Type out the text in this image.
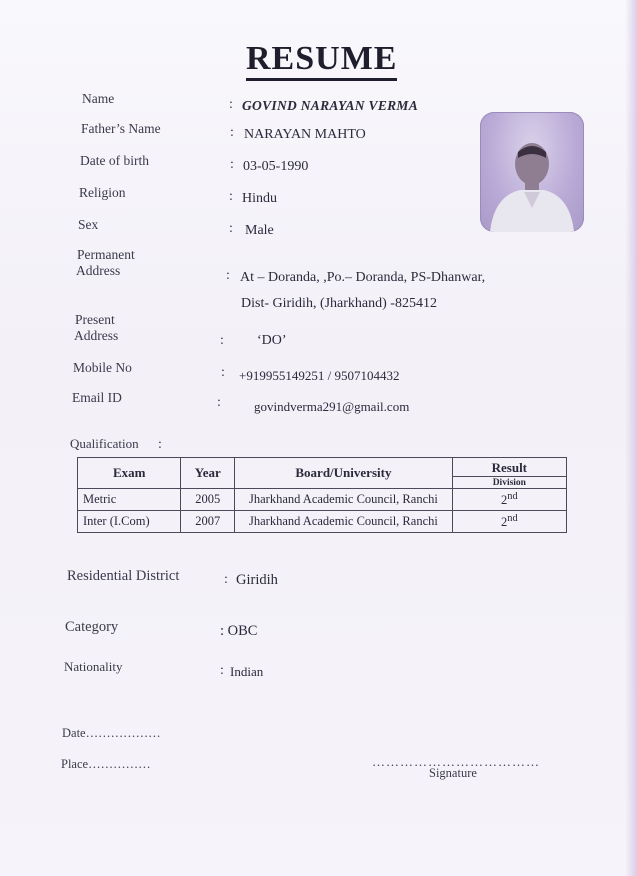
RESUME
Name	: GOVIND NARAYAN VERMA
Father’s Name	: NARAYAN MAHTO
Date of birth	: 03-05-1990
Religion	: Hindu
Sex	: Male
Permanent
Address	: At – Doranda, ,Po.– Doranda, PS-Dhanwar,
Dist- Giridih, (Jharkhand) -825412
Present
Address	: ‘DO’
Mobile No	: +919955149251 / 9507104432
Email ID	:	govindverma291@gmail.com
Qualification :
Exam	Year	Board/University	Result
Division

Metric	2005	Jharkhand Academic Council, Ranchi	2nd
Inter (I.Com)	2007	Jharkhand Academic Council, Ranchi	2nd
Residential District	: Giridih
Category	: OBC
Nationality	: Indian
Date………………
Place……………	………………………………
Signature
